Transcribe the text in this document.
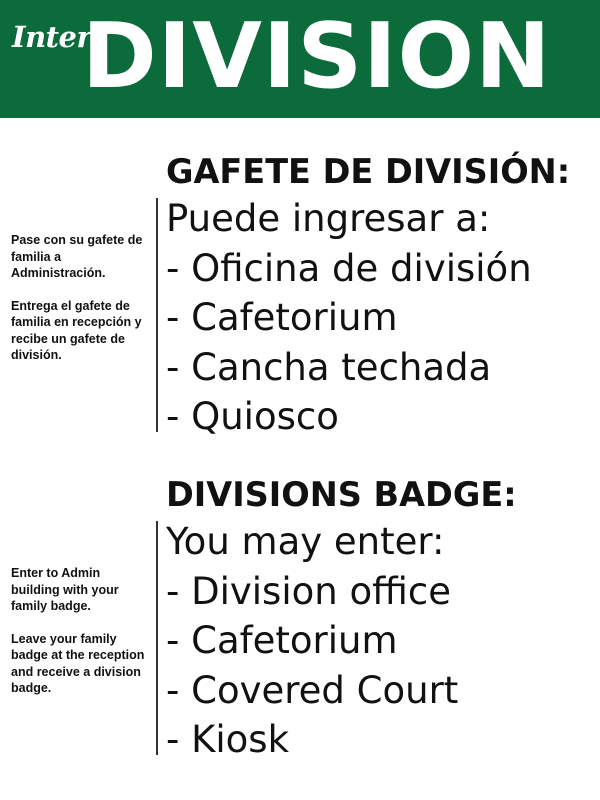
Inter
DIVISION
GAFETE DE DIVISIÓN:
Puede ingresar a:
- Oficina de división
- Cafetorium
- Cancha techada
- Quiosco

Pase con su gafete de familia a Administración.

Entrega el gafete de familia en recepción y recibe un gafete de división.

DIVISIONS BADGE:
You may enter:
- Division office
- Cafetorium
- Covered Court
- Kiosk

Enter to Admin building with your family badge.

Leave your family badge at the reception and receive a division badge.
